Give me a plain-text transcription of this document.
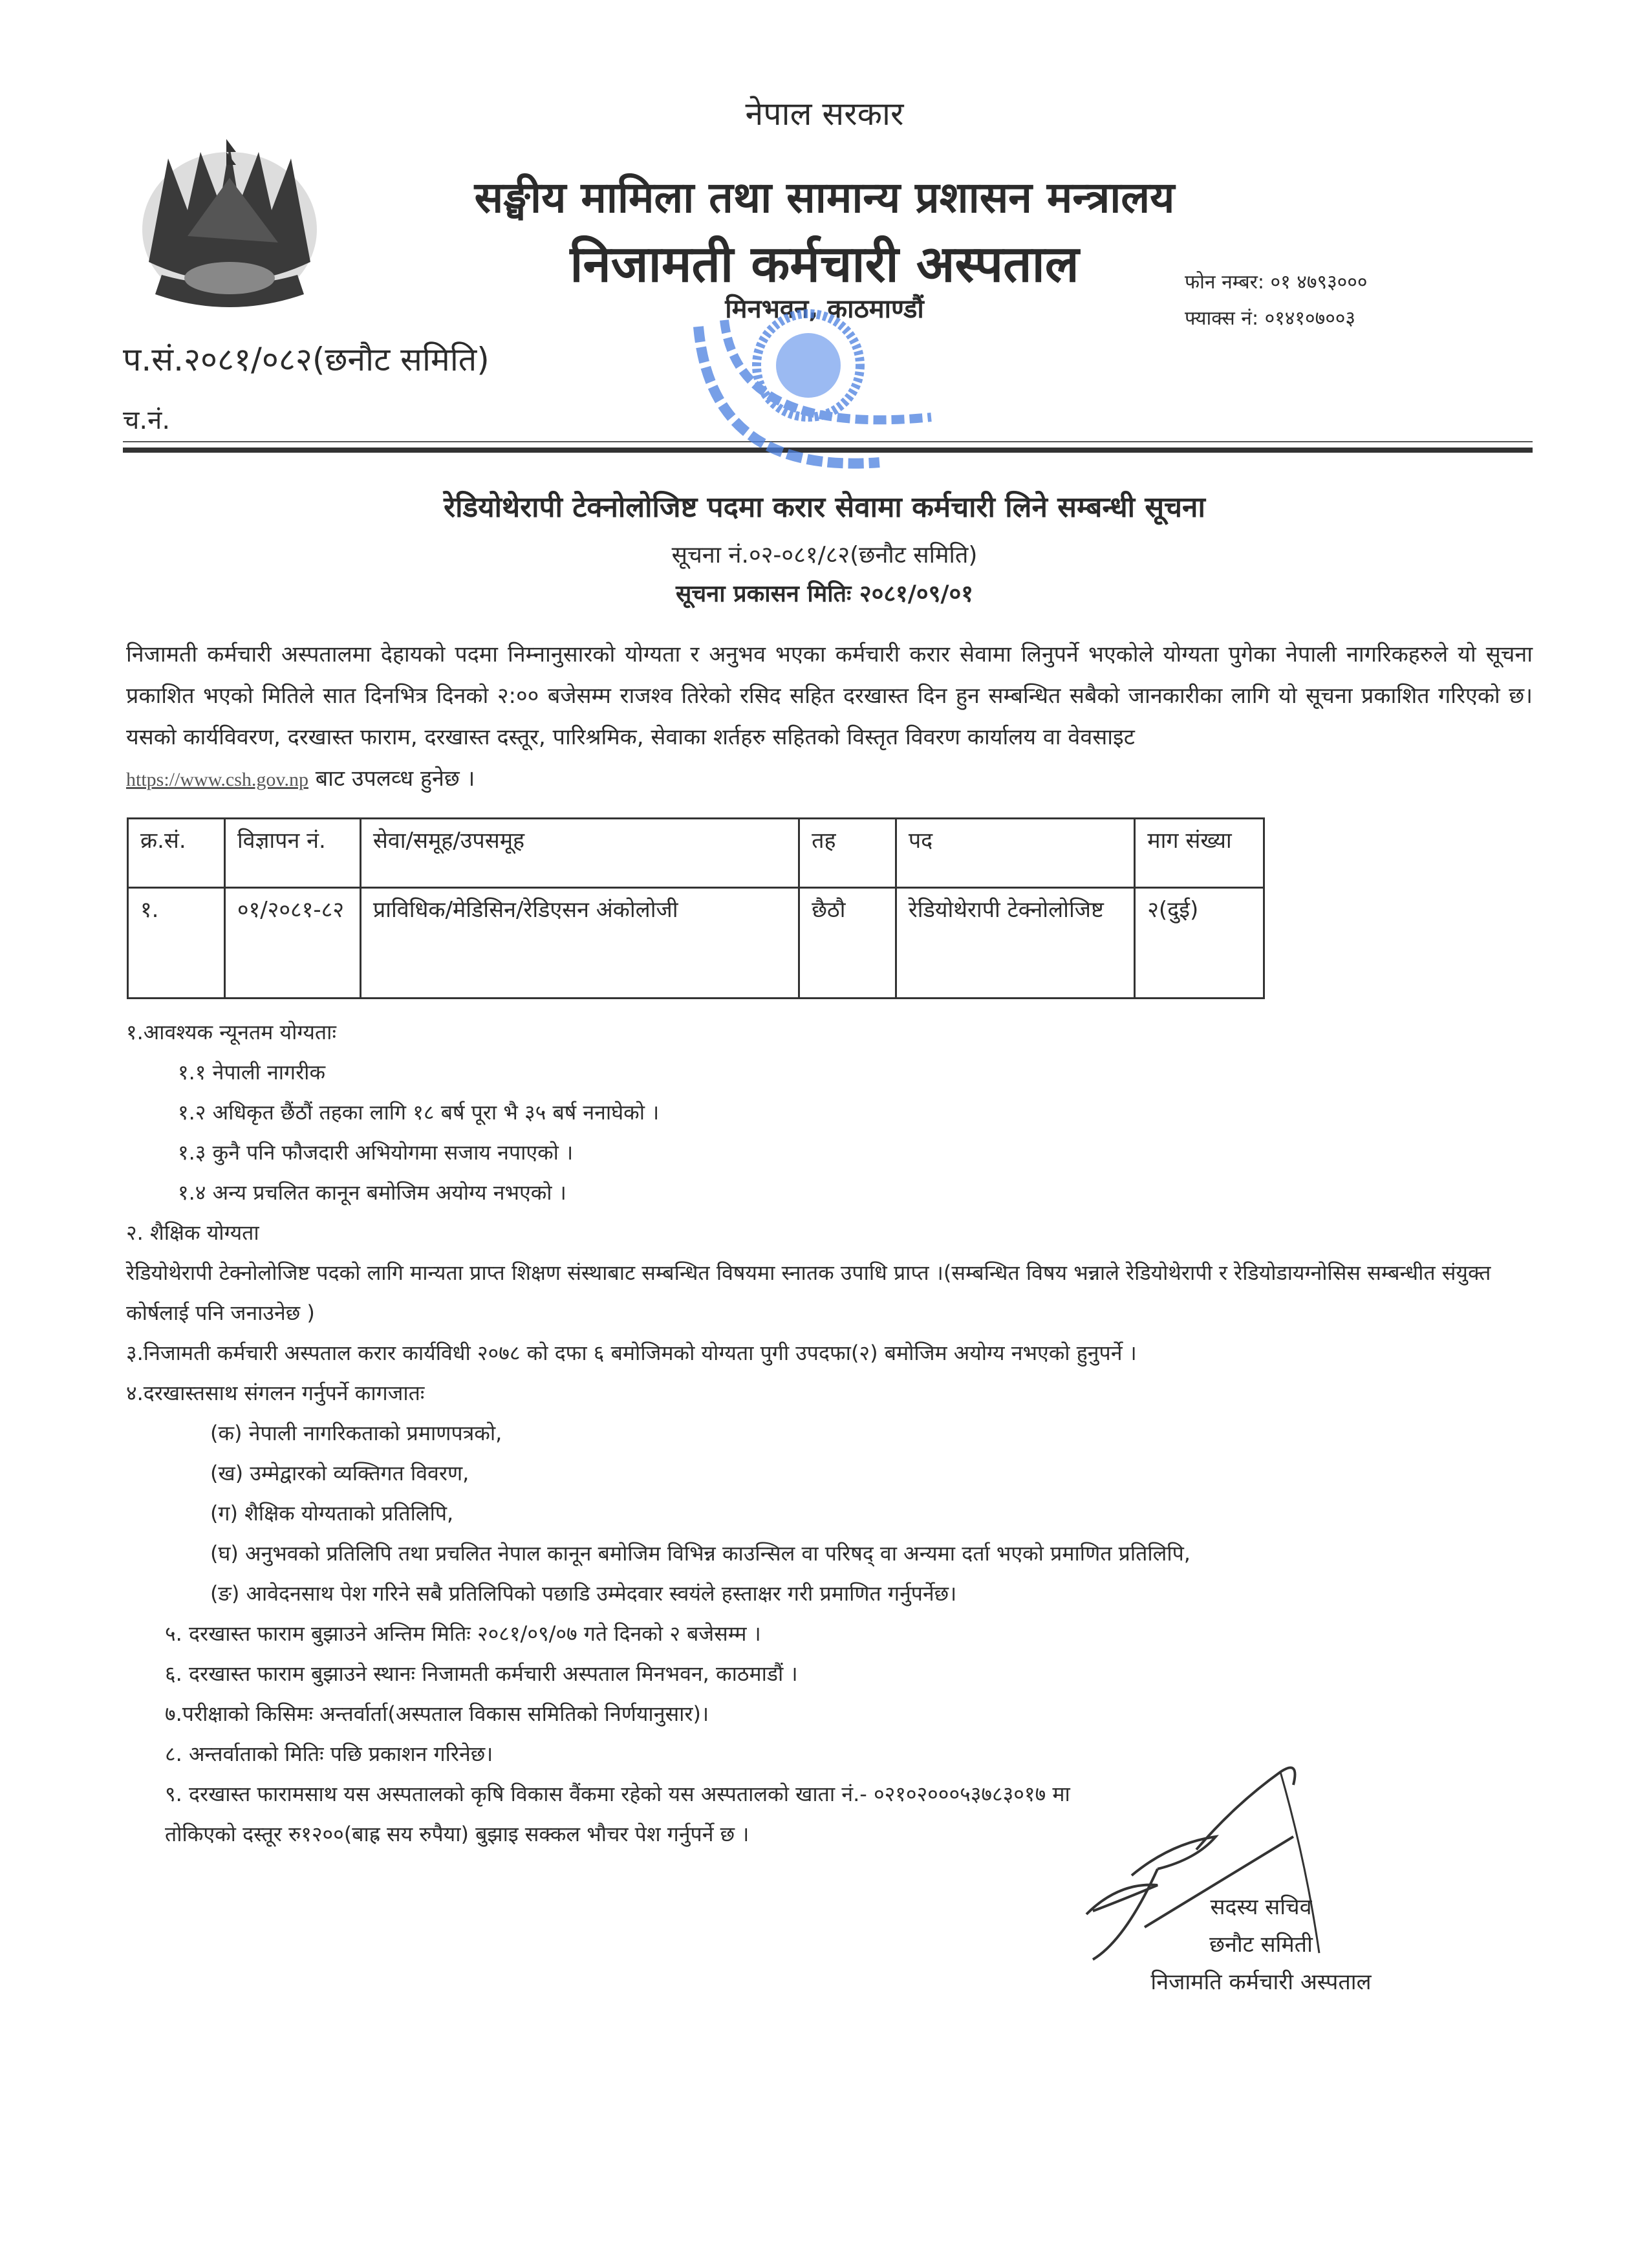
नेपाल सरकार
सङ्घीय मामिला तथा सामान्य प्रशासन मन्त्रालय
निजामती कर्मचारी अस्पताल
मिनभवन, काठमाण्डौं
फोन नम्बर: ०१ ४७९३०००
फ्याक्स नं: ०१४१०७००३
प.सं.२०८१/०८२(छनौट समिति)
च.नं.
रेडियोथेरापी टेक्नोलोजिष्ट पदमा करार सेवामा कर्मचारी लिने सम्बन्धी सूचना
सूचना नं.०२-०८१/८२(छनौट समिति)
सूचना प्रकासन मितिः २०८१/०९/०१
निजामती कर्मचारी अस्पतालमा देहायको पदमा निम्नानुसारको योग्यता र अनुभव भएका कर्मचारी करार सेवामा लिनुपर्ने भएकोले योग्यता पुगेका नेपाली नागरिकहरुले यो सूचना प्रकाशित भएको मितिले सात दिनभित्र दिनको २:०० बजेसम्म राजश्व तिरेको रसिद सहित दरखास्त दिन हुन सम्बन्धित सबैको जानकारीका लागि यो सूचना प्रकाशित गरिएको छ। यसको कार्यविवरण, दरखास्त फाराम, दरखास्त दस्तूर, पारिश्रमिक, सेवाका शर्तहरु सहितको विस्तृत विवरण कार्यालय वा वेवसाइट
https://www.csh.gov.np बाट उपलव्ध हुनेछ ।
क्र.सं.	विज्ञापन नं.	सेवा/समूह/उपसमूह	तह	पद	माग संख्या
१.	०१/२०८१-८२	प्राविधिक/मेडिसिन/रेडिएसन अंकोलोजी	छैठौ	रेडियोथेरापी टेक्नोलोजिष्ट	२(दुई)
१.आवश्यक न्यूनतम योग्यताः
१.१ नेपाली नागरीक
१.२ अधिकृत छैंठौं तहका लागि १८ बर्ष पूरा भै ३५ बर्ष ननाघेको ।
१.३ कुनै पनि फौजदारी अभियोगमा सजाय नपाएको ।
१.४ अन्य प्रचलित कानून बमोजिम अयोग्य नभएको ।
२. शैक्षिक योग्यता
रेडियोथेरापी टेक्नोलोजिष्ट पदको लागि मान्यता प्राप्त शिक्षण संस्थाबाट सम्बन्धित विषयमा स्नातक उपाधि प्राप्त ।(सम्बन्धित विषय भन्नाले रेडियोथेरापी र रेडियोडायग्नोसिस सम्बन्धीत संयुक्त कोर्षलाई पनि जनाउनेछ )
३.निजामती कर्मचारी अस्पताल करार कार्यविधी २०७८ को दफा ६ बमोजिमको योग्यता पुगी उपदफा(२) बमोजिम अयोग्य नभएको हुनुपर्ने ।
४.दरखास्तसाथ संगलन गर्नुपर्ने कागजातः
(क) नेपाली नागरिकताको प्रमाणपत्रको,
(ख) उम्मेद्वारको व्यक्तिगत विवरण,
(ग) शैक्षिक योग्यताको प्रतिलिपि,
(घ) अनुभवको प्रतिलिपि तथा प्रचलित नेपाल कानून बमोजिम विभिन्न काउन्सिल वा परिषद् वा अन्यमा दर्ता भएको प्रमाणित प्रतिलिपि,
(ङ) आवेदनसाथ पेश गरिने सबै प्रतिलिपिको पछाडि उम्मेदवार स्वयंले हस्ताक्षर गरी प्रमाणित गर्नुपर्नेछ।
५. दरखास्त फाराम बुझाउने अन्तिम मितिः २०८१/०९/०७ गते दिनको २ बजेसम्म ।
६. दरखास्त फाराम बुझाउने स्थानः निजामती कर्मचारी अस्पताल मिनभवन, काठमाडौं ।
७.परीक्षाको किसिमः अन्तर्वार्ता(अस्पताल विकास समितिको निर्णयानुसार)।
८. अन्तर्वाताको मितिः पछि प्रकाशन गरिनेछ।
९. दरखास्त फारामसाथ यस अस्पतालको कृषि विकास वैंकमा रहेको यस अस्पतालको खाता नं.- ०२१०२०००५३७८३०१७ मा
तोकिएको दस्तूर रु१२००(बाह्र सय रुपैया) बुझाइ सक्कल भौचर पेश गर्नुपर्ने छ ।
सदस्य सचिव
छनौट समिती
निजामति कर्मचारी अस्पताल
